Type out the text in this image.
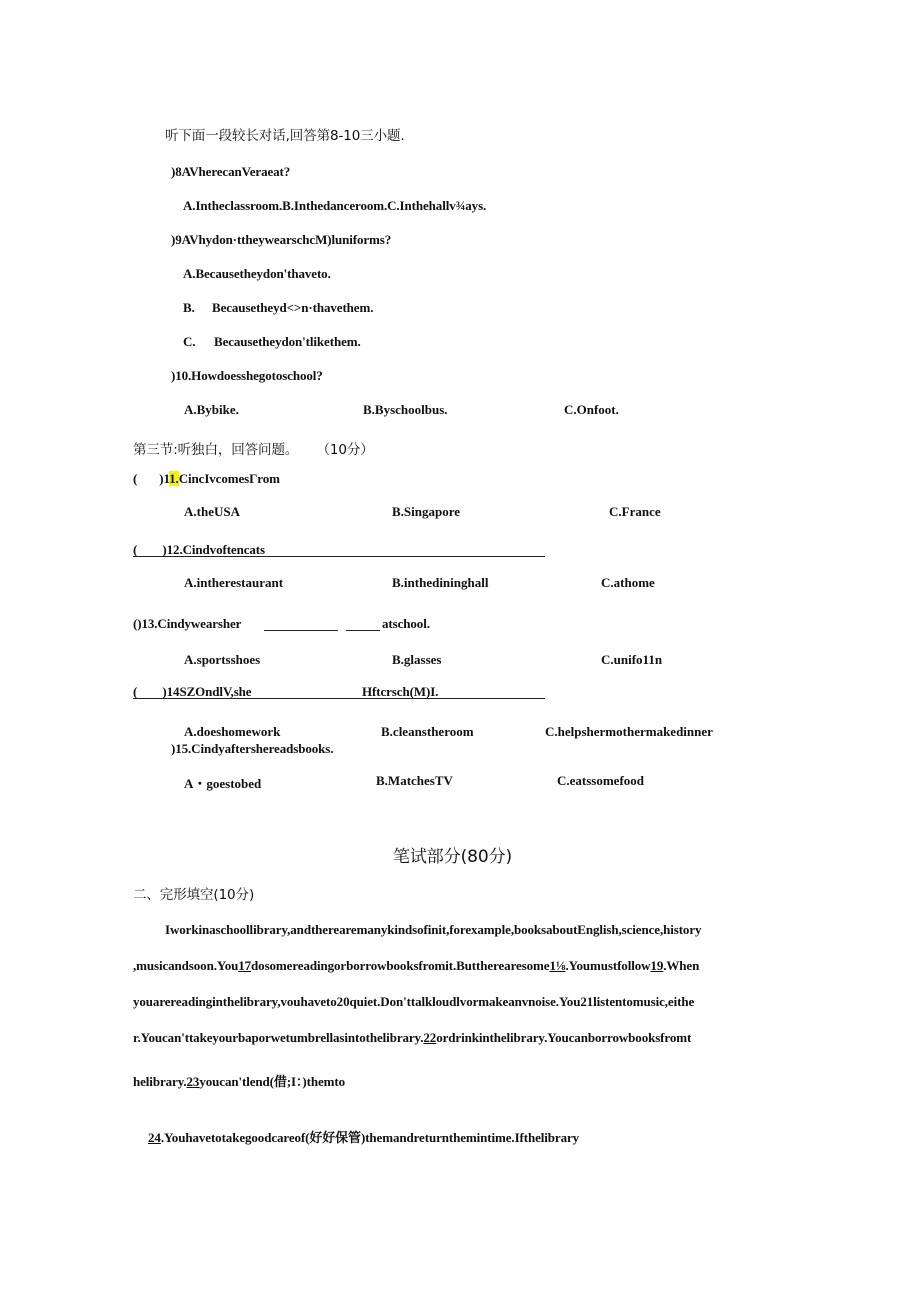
听下面一段较长对话,回答第8-10三小题.
)8AVherecanVeraeat?
A.Intheclassroom.B.Inthedanceroom.C.Inthehallv¾ays.
)9AVhydon·ttheywearschcM)luniforms?
A.Becausetheydon'thaveto.
B. Becausetheyd<>n·thavethem.
C. Becausetheydon'tlikethem.
)10.Howdoesshegotoschool?
A.Bybike.	B.Byschoolbus.	C.Onfoot.
第三节:听独白，回答问题。 （10分）
( )11.CincIvcomesΓrom
A.theUSA	B.Singapore	C.France
(        )12.Cindvoftencats
A.intherestaurant	B.inthediningha​ll	C.athome
()13.Cindywearsher	atschool.
A.sportsshoes	B.glasses	C.unifo11n
(        )14SZOndlV,she	Hftcrsch(M)I.
A.doeshomework	B.cleanstheroom	C.helpshermothermakedinner
)15.Cindyaftershereadsbooks.
A・goestobed	B.MatchesTV	C.eatssomefood
笔试部分(80分)
二、完形填空(10分)
Iworkinaschoollibrary,andtherearemanykindsofinit,forexample,booksaboutEnglish,science,history
,musicandsoon.You17dosomereadingorborrowbooksfromit.Buttherearesome1⅛.Youmustfollow19.When
youarereadinginthelibrary,vouhaveto20quiet.Don'ttalkloudlvormakeanvnoise.You21listentomusic,eithe
r.Youcan'ttakeyourbaporwetumbrellasintothelibrary.22ordrinkinthelibrary.Youcanborrowbooksfromt
helibrary.23youcan'tlend(借;I：)themto
24.Youhavetotakegoodcareof(好好保管)themandreturnthemintime.Ifthelibrary
